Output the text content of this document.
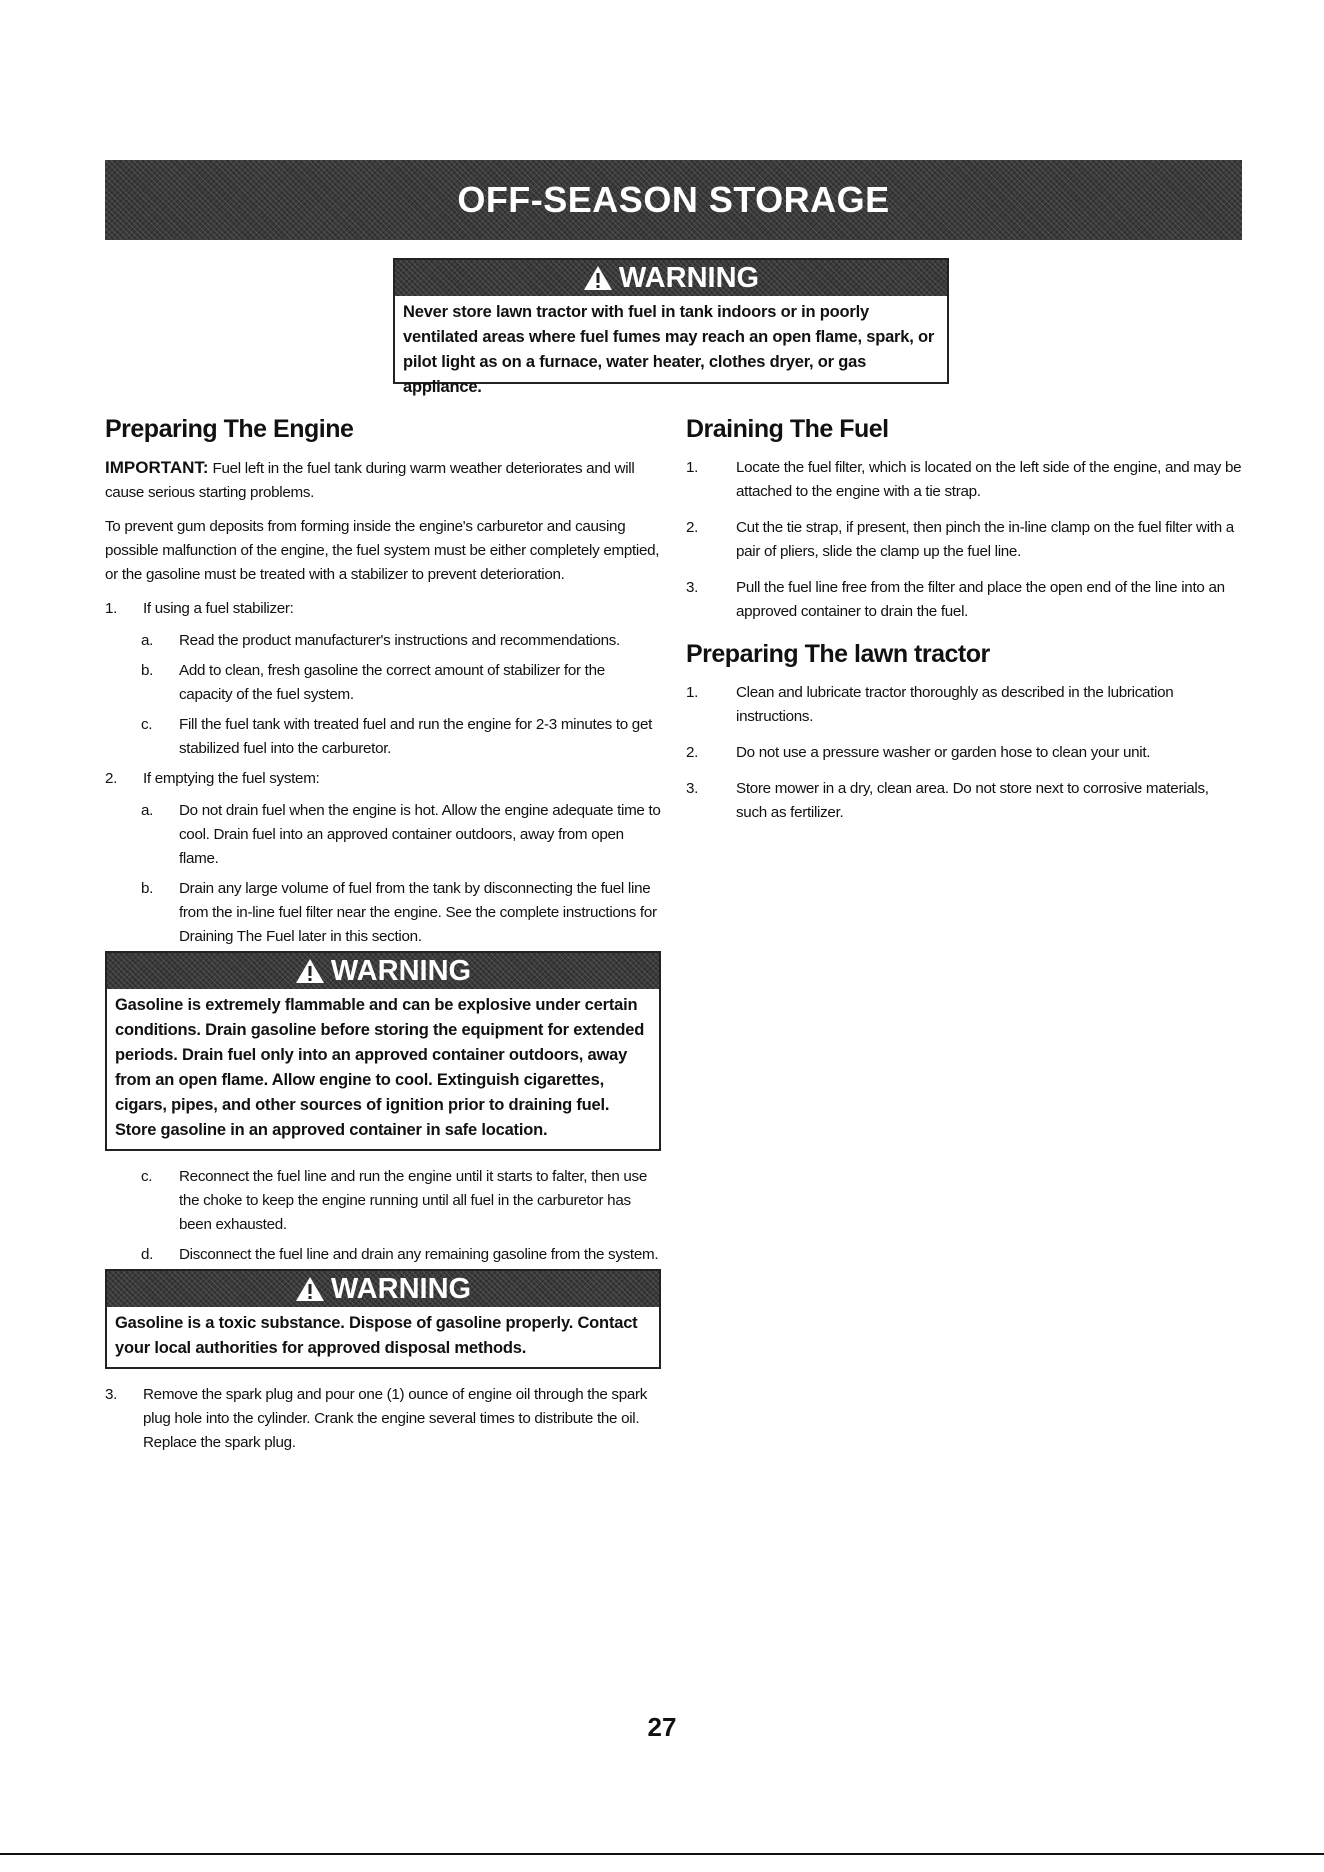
OFF-SEASON STORAGE
WARNING
Never store lawn tractor with fuel in tank indoors or in poorly ventilated areas where fuel fumes may reach an open flame, spark, or pilot light as on a furnace, water heater, clothes dryer, or gas appliance.
Preparing The Engine

IMPORTANT: Fuel left in the fuel tank during warm weather deteriorates and will cause serious starting problems.

To prevent gum deposits from forming inside the engine's carburetor and causing possible malfunction of the engine, the fuel system must be either completely emptied, or the gasoline must be treated with a stabilizer to prevent deterioration.

1.	If using a fuel stabilizer:
a.	Read the product manufacturer's instructions and recommendations.
b.	Add to clean, fresh gasoline the correct amount of stabilizer for the capacity of the fuel system.
c.	Fill the fuel tank with treated fuel and run the engine for 2-3 minutes to get stabilized fuel into the carburetor.
2.	If emptying the fuel system:
a.	Do not drain fuel when the engine is hot. Allow the engine adequate time to cool. Drain fuel into an approved container outdoors, away from open flame.
b.	Drain any large volume of fuel from the tank by disconnecting the fuel line from the in-line fuel filter near the engine. See the complete instructions for Draining The Fuel later in this section.
WARNING
Gasoline is extremely flammable and can be explosive under certain conditions. Drain gasoline before storing the equipment for extended periods. Drain fuel only into an approved container outdoors, away from an open flame. Allow engine to cool. Extinguish cigarettes, cigars, pipes, and other sources of ignition prior to draining fuel. Store gasoline in an approved container in safe location.
c.	Reconnect the fuel line and run the engine until it starts to falter, then use the choke to keep the engine running until all fuel in the carburetor has been exhausted.
d.	Disconnect the fuel line and drain any remaining gasoline from the system.
WARNING
Gasoline is a toxic substance. Dispose of gasoline properly. Contact your local authorities for approved disposal methods.
3.	Remove the spark plug and pour one (1) ounce of engine oil through the spark plug hole into the cylinder. Crank the engine several times to distribute the oil. Replace the spark plug.
Draining The Fuel
1.	Locate the fuel filter, which is located on the left side of the engine, and may be attached to the engine with a tie strap.
2.	Cut the tie strap, if present, then pinch the in-line clamp on the fuel filter with a pair of pliers, slide the clamp up the fuel line.
3.	Pull the fuel line free from the filter and place the open end of the line into an approved container to drain the fuel.
Preparing The lawn tractor
1.	Clean and lubricate tractor thoroughly as described in the lubrication instructions.
2.	Do not use a pressure washer or garden hose to clean your unit.
3.	Store mower in a dry, clean area. Do not store next to corrosive materials, such as fertilizer.
27
